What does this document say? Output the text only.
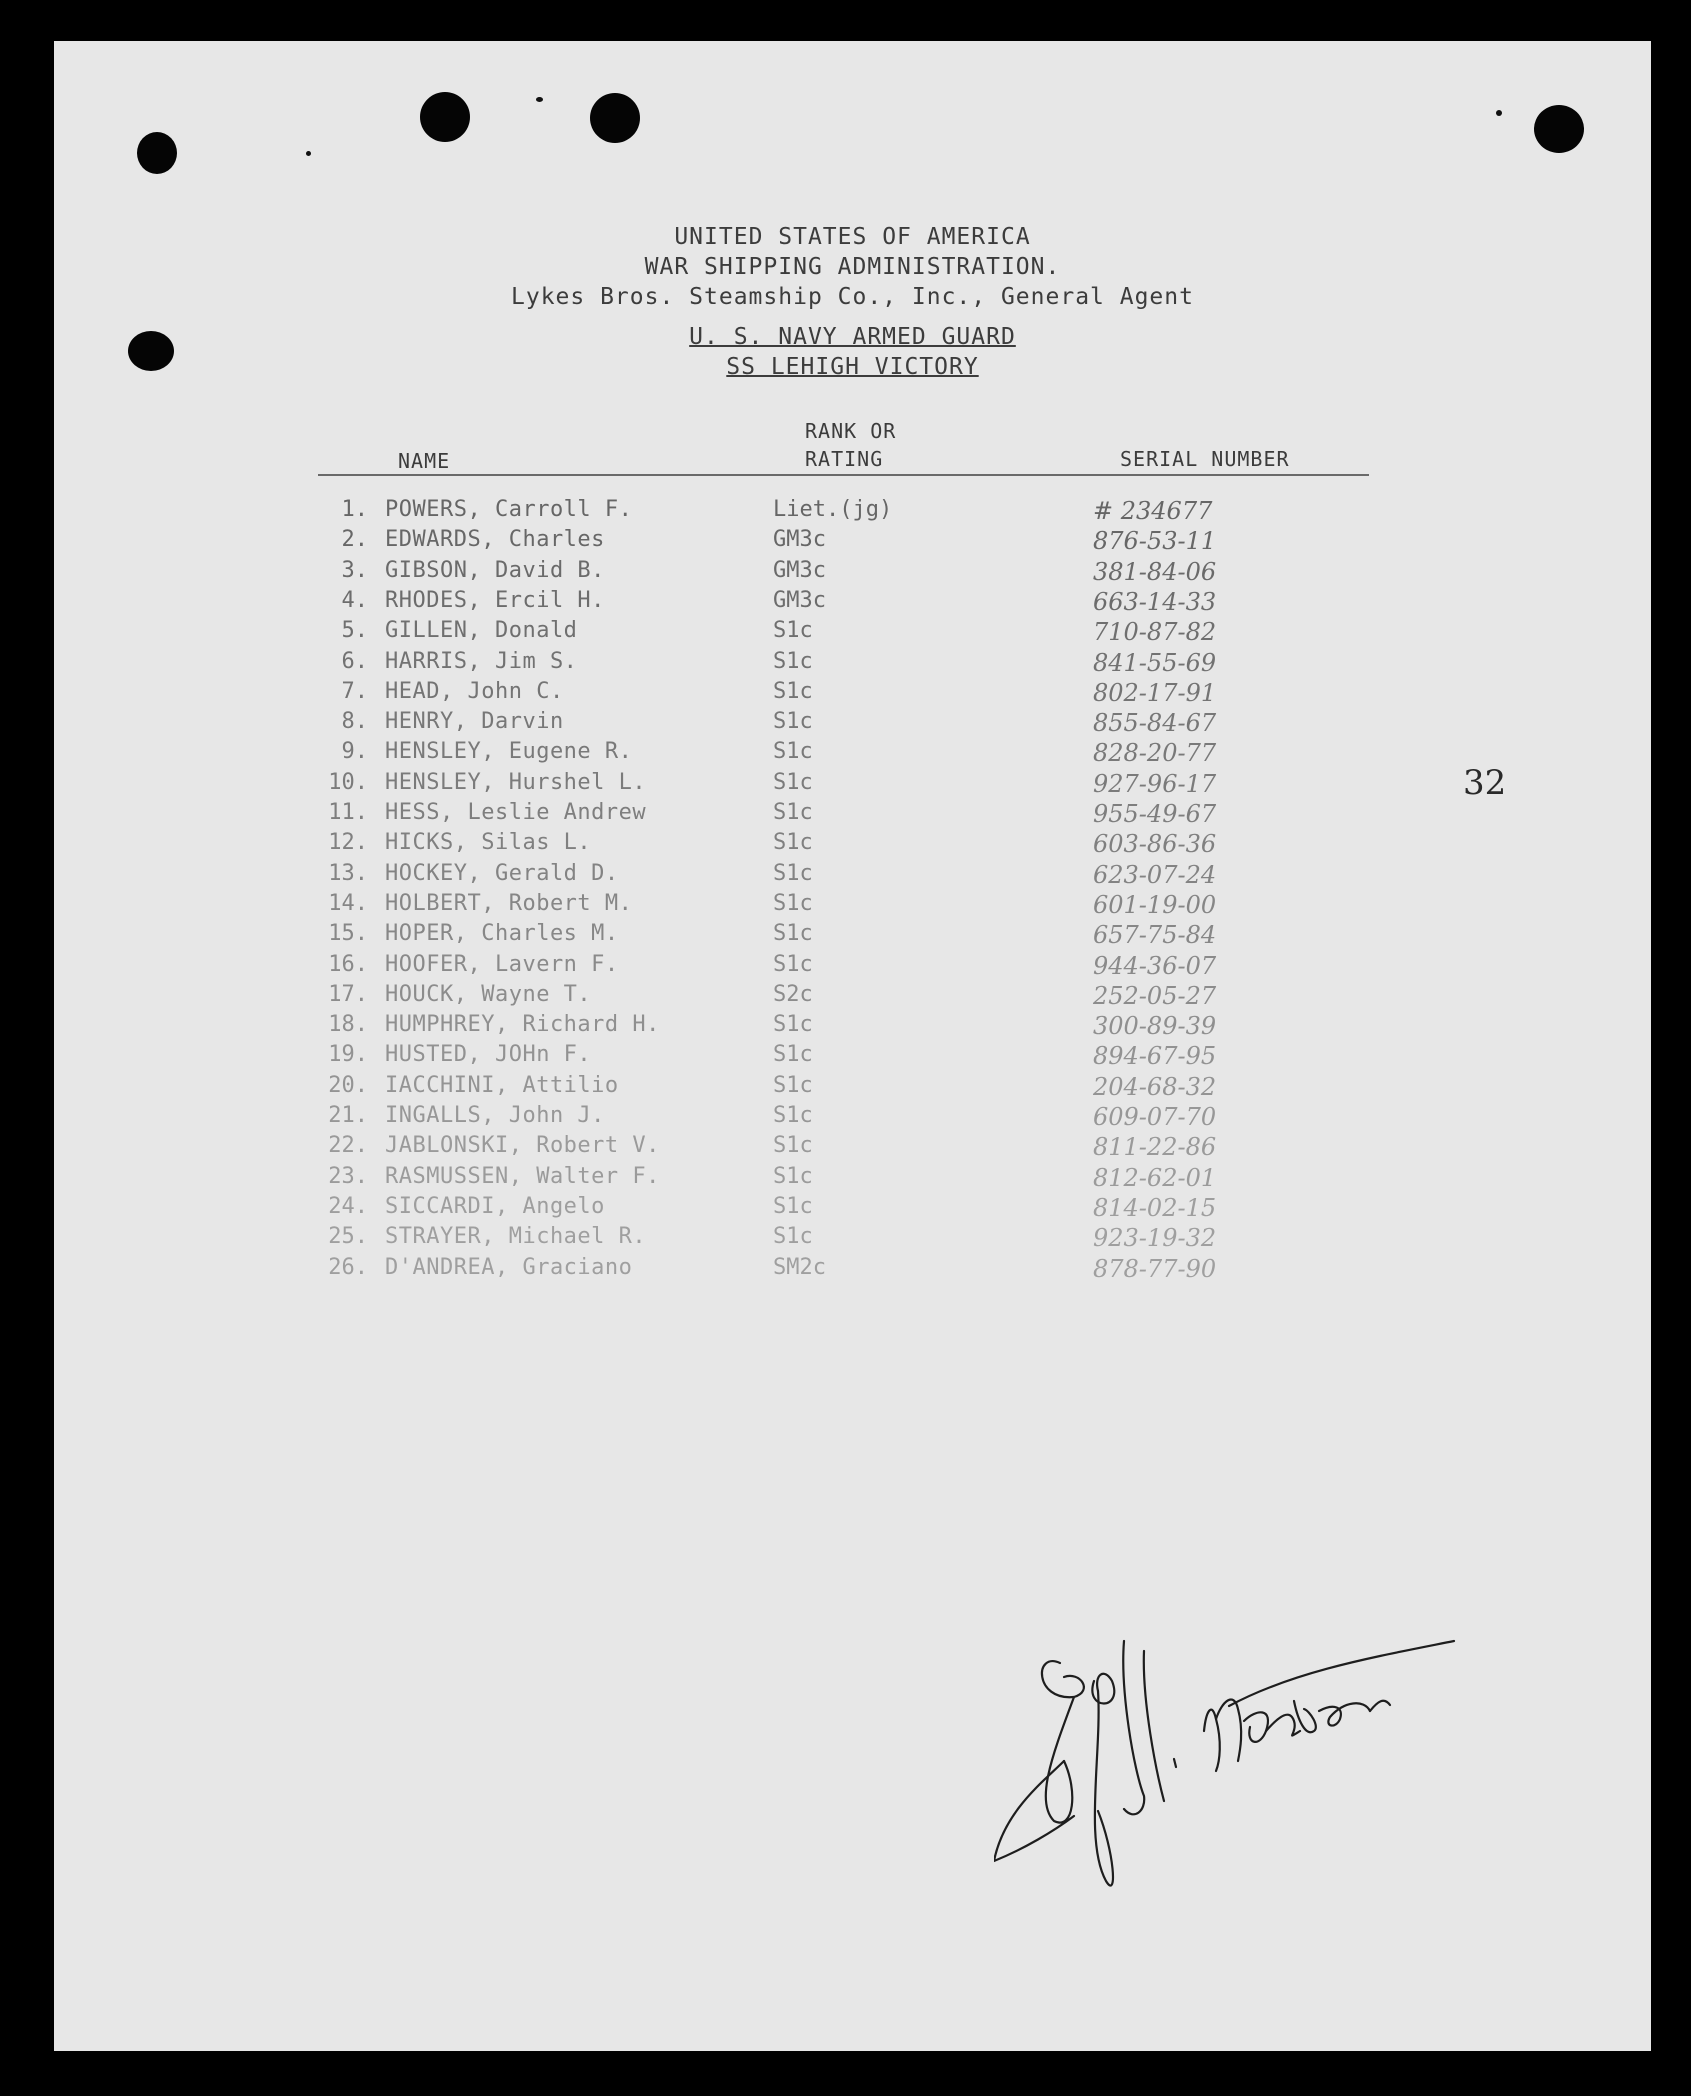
UNITED STATES OF AMERICA
WAR SHIPPING ADMINISTRATION.
Lykes Bros. Steamship Co., Inc., General Agent
U. S. NAVY ARMED GUARD
SS LEHIGH VICTORY
NAME
RANK OR
RATING	SERIAL NUMBER
1. POWERS, Carroll F.	Liet.(jg)	# 234677
2. EDWARDS, Charles	GM3c	876-53-11
3. GIBSON, David B.	GM3c	381-84-06
4. RHODES, Ercil H.	GM3c	663-14-33
5. GILLEN, Donald	S1c	710-87-82
6. HARRIS, Jim S.	S1c	841-55-69
7. HEAD, John C.	S1c	802-17-91
8. HENRY, Darvin	S1c	855-84-67
9. HENSLEY, Eugene R.	S1c	828-20-77
10. HENSLEY, Hurshel L.	S1c	927-96-17
11. HESS, Leslie Andrew	S1c	955-49-67
12. HICKS, Silas L.	S1c	603-86-36
13. HOCKEY, Gerald D.	S1c	623-07-24
14. HOLBERT, Robert M.	S1c	601-19-00
15. HOPER, Charles M.	S1c	657-75-84
16. HOOFER, Lavern F.	S1c	944-36-07
17. HOUCK, Wayne T.	S2c	252-05-27
18. HUMPHREY, Richard H.	S1c	300-89-39
19. HUSTED, JOHn F.	S1c	894-67-95
20. IACCHINI, Attilio	S1c	204-68-32
21. INGALLS, John J.	S1c	609-07-70
22. JABLONSKI, Robert V.	S1c	811-22-86
23. RASMUSSEN, Walter F.	S1c	812-62-01
24. SICCARDI, Angelo	S1c	814-02-15
25. STRAYER, Michael R.	S1c	923-19-32
26. D'ANDREA, Graciano	SM2c	878-77-90
32
